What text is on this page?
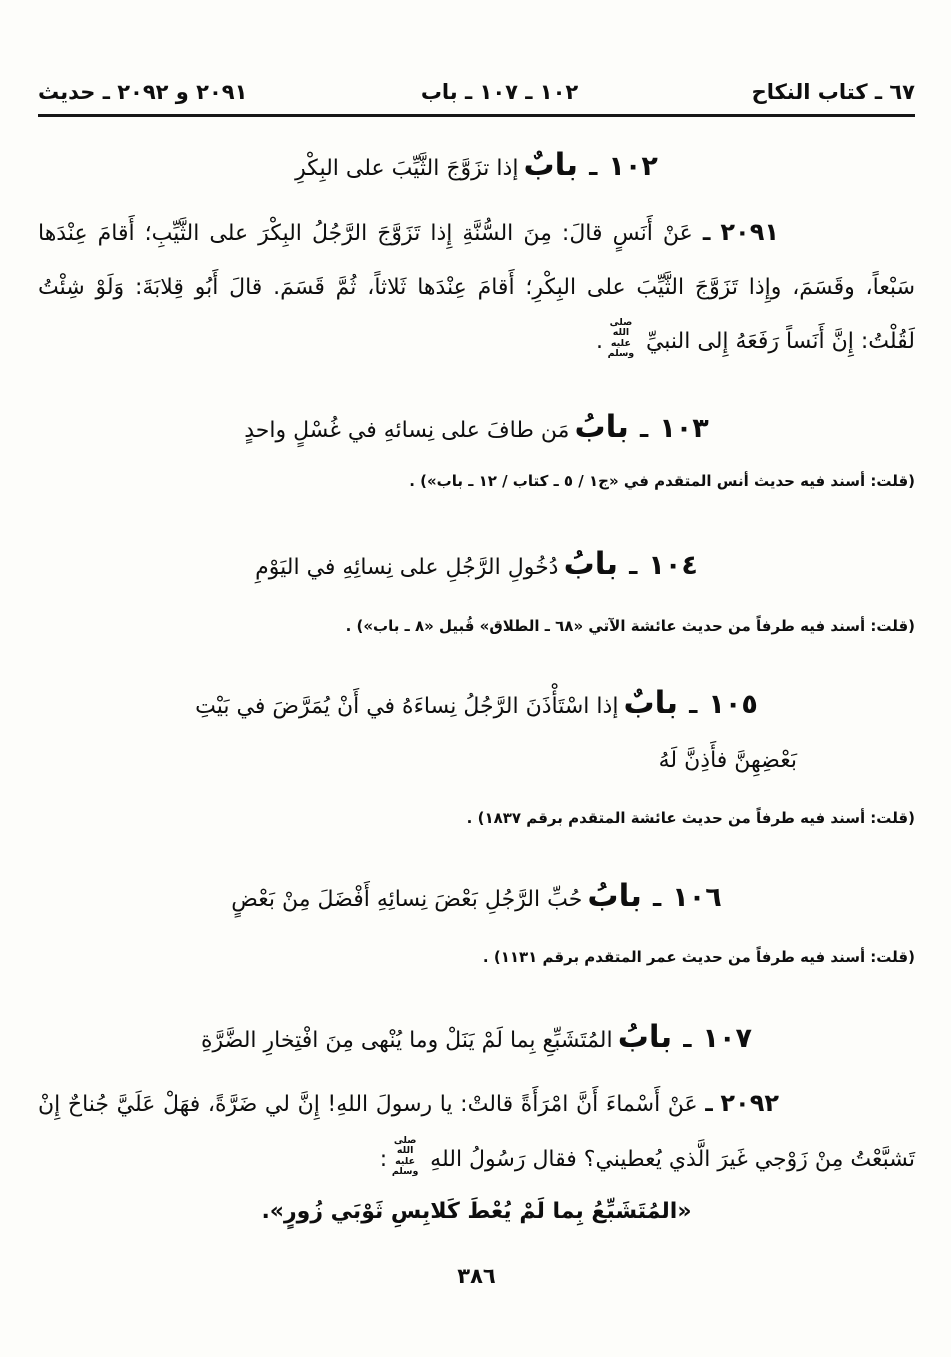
٦٧ ـ كتاب النكاح
١٠٢ ـ ١٠٧ ـ باب
٢٠٩١ و ٢٠٩٢ ـ حديث
١٠٢ ـ بابٌ إذا تزَوَّجَ الثَّيِّبَ على البِكْرِ

٢٠٩١ ـ عَنْ أَنَسٍ قالَ: مِنَ السُّنَّةِ إِذا تَزَوَّجَ الرَّجُلُ البِكْرَ على الثَّيِّبِ؛ أَقامَ عِنْدَها سَبْعاً، وقَسَمَ، وإِذا تَزَوَّجَ الثَّيِّبَ على البِكْرِ؛ أَقامَ عِنْدَها ثَلاثاً، ثُمَّ قَسَمَ. قالَ أَبُو قِلابَةَ: وَلَوْ شِئْتُ لَقُلْتُ: إِنَّ أَنَساً رَفَعَهُ إِلى النبيِّ
صلى الله
عليه وسلم
.

١٠٣ ـ بابُ مَن طافَ على نِسائهِ في غُسْلٍ واحدٍ
(قلت: أسند فيه حديث أنس المتقدم في «ج١ / ٥ ـ كتاب / ١٢ ـ باب») .
١٠٤ ـ بابُ دُخُولِ الرَّجُلِ على نِسائِهِ في اليَوْمِ
(قلت: أسند فيه طرفاً من حديث عائشة الآتي «٦٨ ـ الطلاق» قُبيل «٨ ـ باب») .
١٠٥ ـ بابٌ إذا اسْتَأْذَنَ الرَّجُلُ نِساءَهُ في أَنْ يُمَرَّضَ في بَيْتِ
بَعْضِهِنَّ فأَذِنَّ لَهُ
(قلت: أسند فيه طرفاً من حديث عائشة المتقدم برقم ١٨٣٧) .
١٠٦ ـ بابُ حُبِّ الرَّجُلِ بَعْضَ نِسائِهِ أَفْضَلَ مِنْ بَعْضٍ
(قلت: أسند فيه طرفاً من حديث عمر المتقدم برقم ١١٣١) .
١٠٧ ـ بابُ المُتَشَبِّعِ بِما لَمْ يَنَلْ وما يُنْهى مِنَ افْتِخارِ الضَّرَّةِ

٢٠٩٢ ـ عَنْ أَسْماءَ أَنَّ امْرَأَةً قالتْ: يا رسولَ اللهِ! إِنَّ لي ضَرَّةً، فهَلْ عَلَيَّ جُناحٌ إِنْ تَشبَّعْتُ مِنْ زَوْجي غَيرَ الَّذي يُعطيني؟ فقال رَسُولُ اللهِ
صلى الله
عليه وسلم
:

«المُتَشَبِّعُ بِما لَمْ يُعْطَ كَلابِسِ ثَوْبَي زُورٍ».
٣٨٦
